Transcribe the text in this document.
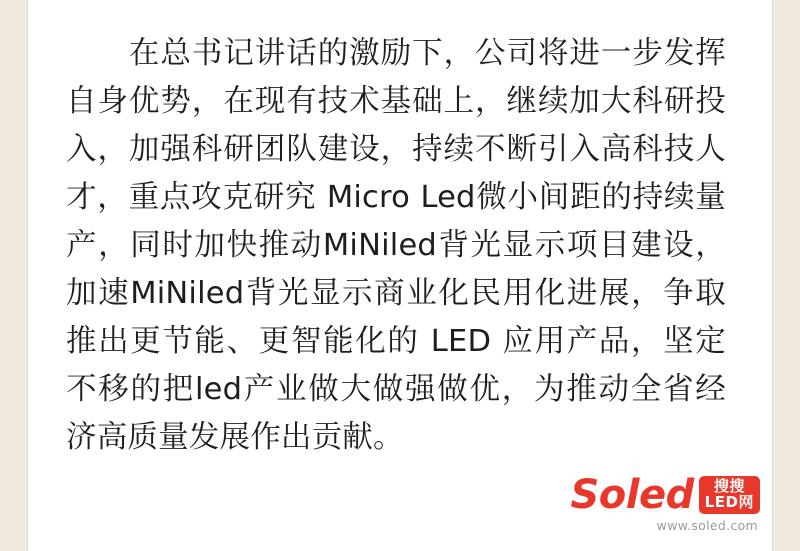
　　在总书记讲话的激励下，公司将进一步发挥自身优势，在现有技术基础上，继续加大科研投入，加强科研团队建设，持续不断引入高科技人才，重点攻克研究 Micro Led微小间距的持续量产，同时加快推动MiNiled背光显示项目建设，加速MiNiled背光显示商业化民用化进展，争取推出更节能、更智能化的 LED 应用产品，坚定不移的把led产业做大做强做优，为推动全省经济高质量发展作出贡献。

Soled 搜搜
LED网
www.soled.com
